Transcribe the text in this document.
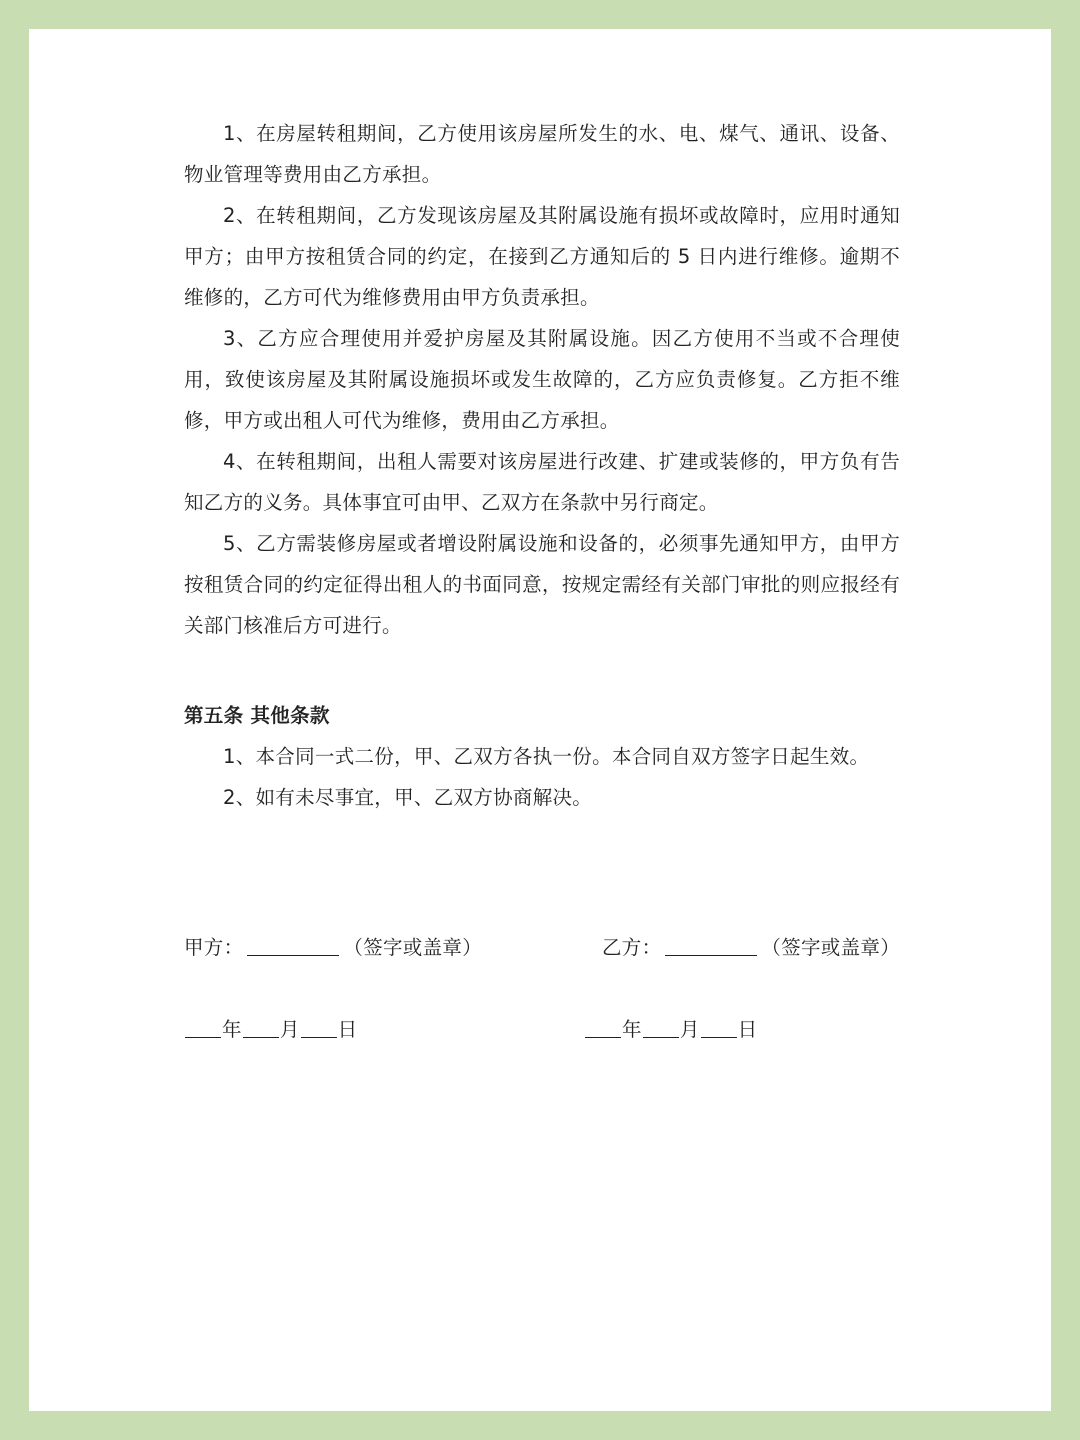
1、在房屋转租期间，乙方使用该房屋所发生的水、电、煤气、通讯、设备、物业管理等费用由乙方承担。

2、在转租期间，乙方发现该房屋及其附属设施有损坏或故障时，应用时通知甲方；由甲方按租赁合同的约定，在接到乙方通知后的 5 日内进行维修。逾期不维修的，乙方可代为维修费用由甲方负责承担。

3、乙方应合理使用并爱护房屋及其附属设施。因乙方使用不当或不合理使用，致使该房屋及其附属设施损坏或发生故障的，乙方应负责修复。乙方拒不维修，甲方或出租人可代为维修，费用由乙方承担。

4、在转租期间，出租人需要对该房屋进行改建、扩建或装修的，甲方负有告知乙方的义务。具体事宜可由甲、乙双方在条款中另行商定。

5、乙方需装修房屋或者增设附属设施和设备的，必须事先通知甲方，由甲方按租赁合同的约定征得出租人的书面同意，按规定需经有关部门审批的则应报经有关部门核准后方可进行。

第五条 其他条款

1、本合同一式二份，甲、乙双方各执一份。本合同自双方签字日起生效。

2、如有未尽事宜，甲、乙双方协商解决。

甲方：	（签字或盖章）	乙方：	（签字或盖章）
年 月 日	年 月 日
